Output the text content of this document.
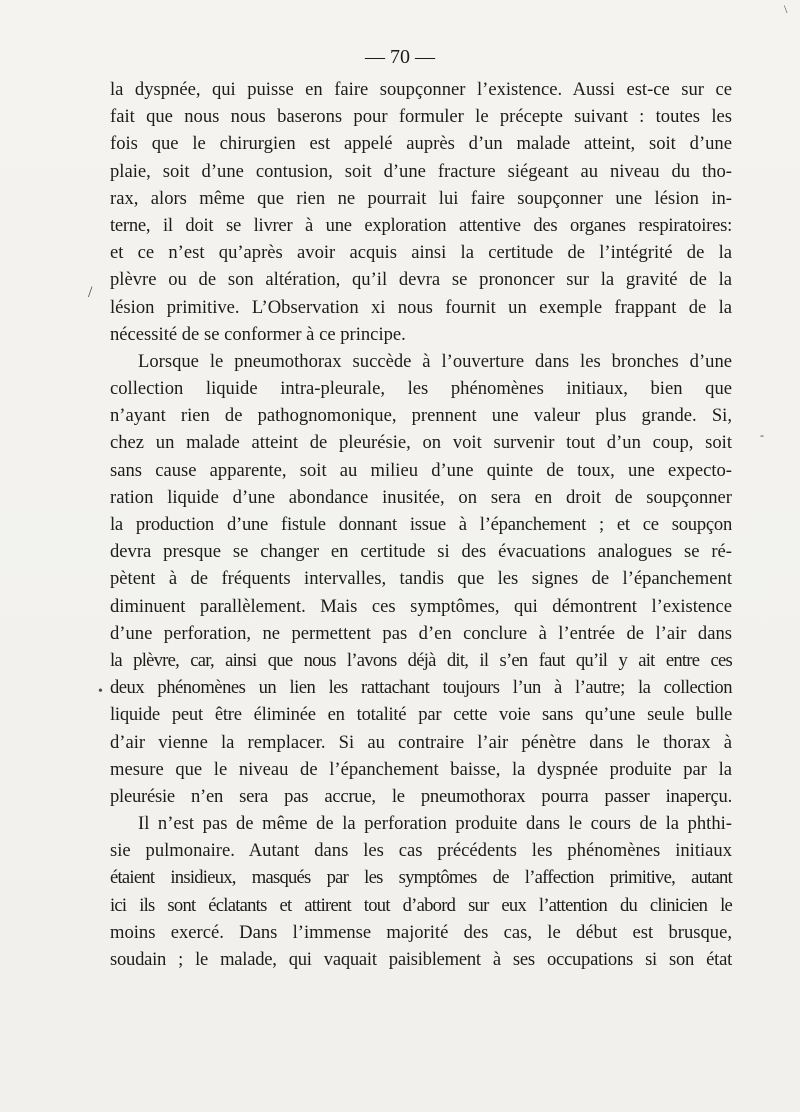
— 70 —
la dyspnée, qui puisse en faire soupçonner l’existence. Aussi est-ce sur ce
fait que nous nous baserons pour formuler le précepte suivant : toutes les
fois que le chirurgien est appelé auprès d’un malade atteint, soit d’une
plaie, soit d’une contusion, soit d’une fracture siégeant au niveau du tho-
rax, alors même que rien ne pourrait lui faire soupçonner une lésion in-
terne, il doit se livrer à une exploration attentive des organes respiratoires:
et ce n’est qu’après avoir acquis ainsi la certitude de l’intégrité de la
plèvre ou de son altération, qu’il devra se prononcer sur la gravité de la
lésion primitive. L’Observation xi nous fournit un exemple frappant de la
nécessité de se conformer à ce principe.
Lorsque le pneumothorax succède à l’ouverture dans les bronches d’une
collection liquide intra-pleurale, les phénomènes initiaux, bien que
n’ayant rien de pathognomonique, prennent une valeur plus grande. Si,
chez un malade atteint de pleurésie, on voit survenir tout d’un coup, soit
sans cause apparente, soit au milieu d’une quinte de toux, une expecto-
ration liquide d’une abondance inusitée, on sera en droit de soupçonner
la production d’une fistule donnant issue à l’épanchement ; et ce soupçon
devra presque se changer en certitude si des évacuations analogues se ré-
pètent à de fréquents intervalles, tandis que les signes de l’épanchement
diminuent parallèlement. Mais ces symptômes, qui démontrent l’existence
d’une perforation, ne permettent pas d’en conclure à l’entrée de l’air dans
la plèvre, car, ainsi que nous l’avons déjà dit, il s’en faut qu’il y ait entre ces
deux phénomènes un lien les rattachant toujours l’un à l’autre; la collection
liquide peut être éliminée en totalité par cette voie sans qu’une seule bulle
d’air vienne la remplacer. Si au contraire l’air pénètre dans le thorax à
mesure que le niveau de l’épanchement baisse, la dyspnée produite par la
pleurésie n’en sera pas accrue, le pneumothorax pourra passer inaperçu.
Il n’est pas de même de la perforation produite dans le cours de la phthi-
sie pulmonaire. Autant dans les cas précédents les phénomènes initiaux
étaient insidieux, masqués par les symptômes de l’affection primitive, autant
ici ils sont éclatants et attirent tout d’abord sur eux l’attention du clinicien le
moins exercé. Dans l’immense majorité des cas, le début est brusque,
soudain ; le malade, qui vaquait paisiblement à ses occupations si son état
/
•
-
\
